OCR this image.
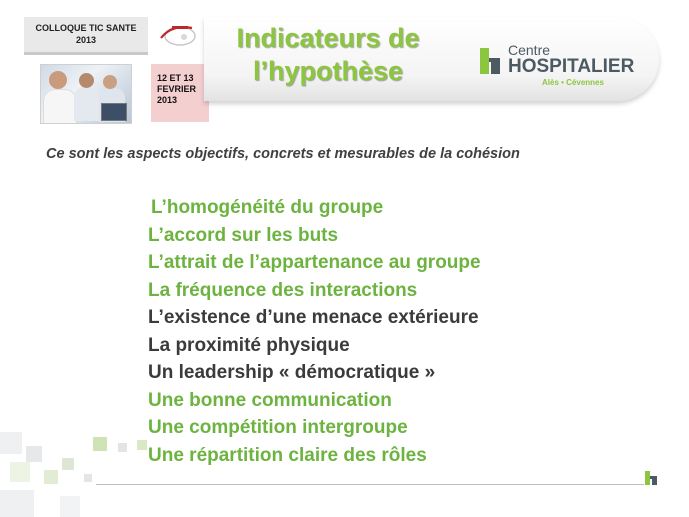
COLLOQUE TIC SANTE
2013
12 ET 13
FEVRIER
2013
Indicateurs de
l’hypothèse
Centre
HOSPITALIER
Alès • Cévennes
Ce sont les aspects objectifs, concrets et mesurables de la cohésion
L’homogénéité du groupe
L’accord sur les buts
L’attrait de l’appartenance au groupe
La fréquence des interactions
L’existence d’une menace extérieure
La proximité physique
Un leadership « démocratique »
Une bonne communication
Une compétition intergroupe
Une répartition claire des rôles
